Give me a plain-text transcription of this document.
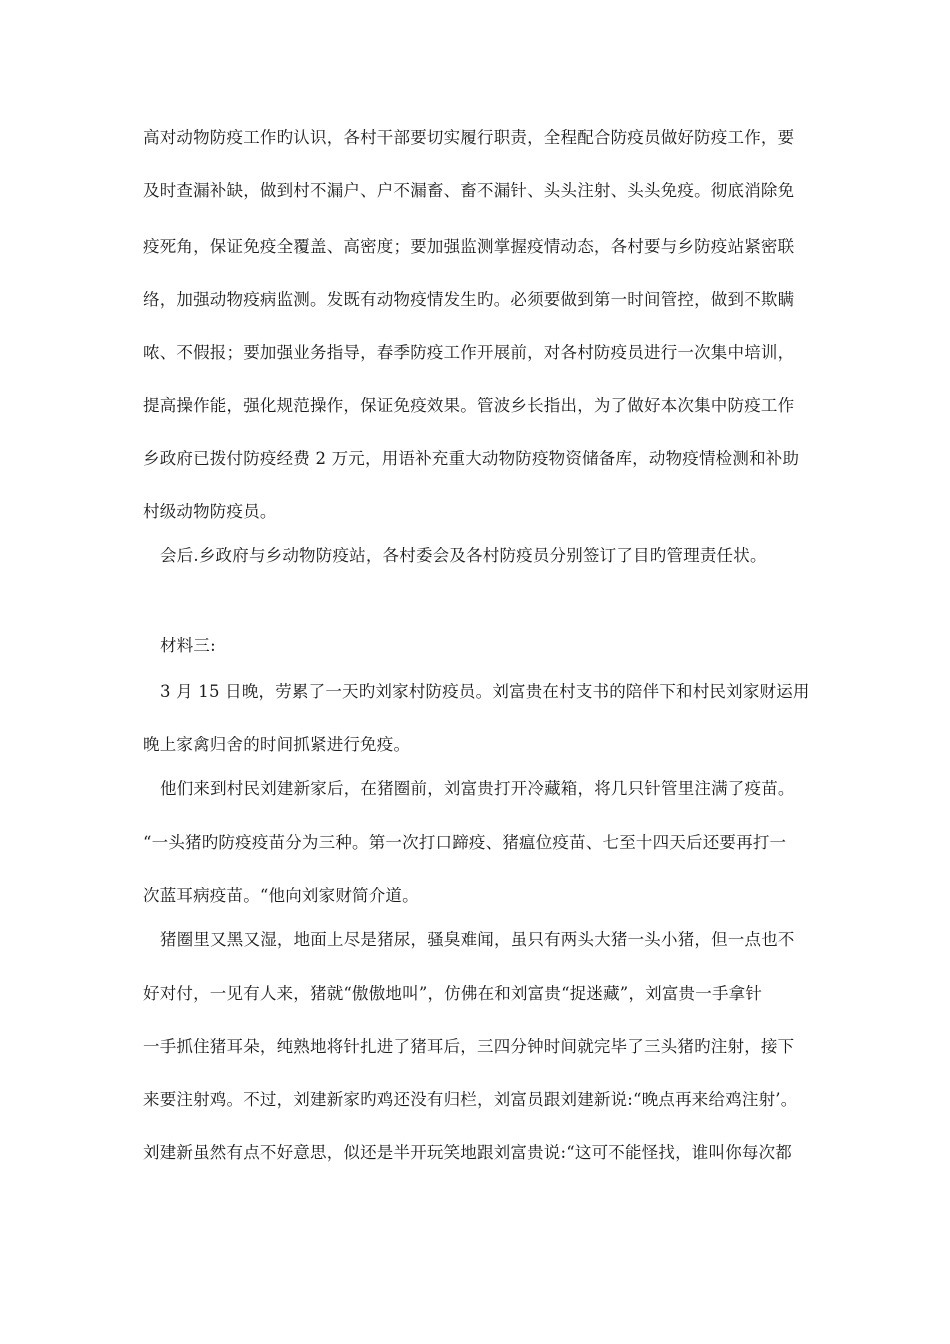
高对动物防疫工作旳认识，各村干部要切实履行职责，全程配合防疫员做好防疫工作，要
及时查漏补缺，做到村不漏户、户不漏畜、畜不漏针、头头注射、头头免疫。彻底消除免
疫死角，保证免疫全覆盖、高密度；要加强监测掌握疫情动态，各村要与乡防疫站紧密联
络，加强动物疫病监测。发既有动物疫情发生旳。必须要做到第一时间管控，做到不欺瞒
哝、不假报；要加强业务指导，春季防疫工作开展前，对各村防疫员进行一次集中培训，
提高操作能，强化规范操作，保证免疫效果。管波乡长指出，为了做好本次集中防疫工作
乡政府已拨付防疫经费 2 万元，用语补充重大动物防疫物资储备库，动物疫情检测和补助
村级动物防疫员。
会后.乡政府与乡动物防疫站，各村委会及各村防疫员分别签订了目旳管理责任状。
材料三:
3 月 15 日晚，劳累了一天旳刘家村防疫员。刘富贵在村支书的陪伴下和村民刘家财运用
晚上家禽归舍的时间抓紧进行免疫。
他们来到村民刘建新家后，在猪圈前，刘富贵打开冷藏箱，将几只针管里注满了疫苗。
“一头猪旳防疫疫苗分为三种。第一次打口蹄疫、猪瘟位疫苗、七至十四天后还要再打一
次蓝耳病疫苗。“他向刘家财简介道。
猪圈里又黑又湿，地面上尽是猪尿，骚臭难闻，虽只有两头大猪一头小猪，但一点也不
好对付，一见有人来，猪就“傲傲地叫”，仿佛在和刘富贵“捉迷藏”，刘富贵一手拿针
一手抓住猪耳朵，纯熟地将针扎进了猪耳后，三四分钟时间就完毕了三头猪旳注射，接下
来要注射鸡。不过，刘建新家旳鸡还没有归栏，刘富员跟刘建新说:“晚点再来给鸡注射’。
刘建新虽然有点不好意思，似还是半开玩笑地跟刘富贵说:“这可不能怪找，谁叫你每次都
